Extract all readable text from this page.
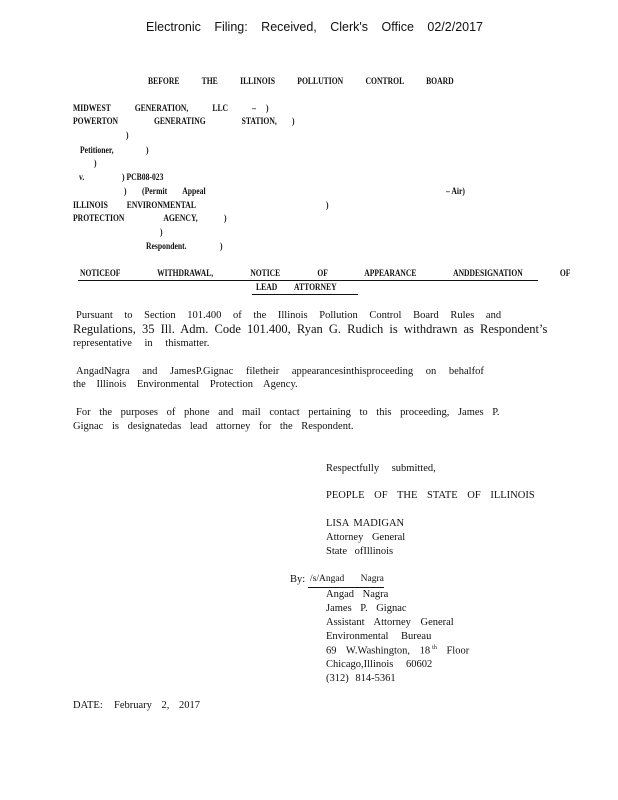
Electronic Filing: Received, Clerk's Office 02/2/2017
BEFORE THE ILLINOIS POLLUTION CONTROL BOARD
MIDWEST GENERATION, LLC – )
POWERTON GENERATING STATION, )
)
Petitioner,	)
)
v.	) PCB08-023
) (Permit Appeal	– Air)
ILLINOIS ENVIRONMENTAL	)
PROTECTION AGENCY,	)
)
Respondent.	)
NOTICEOF WITHDRAWAL, NOTICE OF APPEARANCE ANDDESIGNATION OF
LEAD ATTORNEY
Pursuant to Section 101.400 of the Illinois Pollution Control Board Rules and
Regulations, 35 Ill. Adm. Code 101.400, Ryan G. Rudich is withdrawn as Respondent’s
representative in thismatter.
AngadNagra and JamesP.Gignac filetheir appearancesinthisproceeding on behalfof
the Illinois Environmental Protection Agency.
For the purposes of phone and mail contact pertaining to this proceeding, James P.
Gignac is designatedas lead attorney for the Respondent.
Respectfully submitted,
PEOPLE OF THE STATE OF ILLINOIS
LISA MADIGAN
Attorney General
State ofIllinois
By: /s/Angad Nagra
Angad Nagra
James P. Gignac
Assistant Attorney General
Environmental Bureau
69 W.Washington, 18 $^{th}$ Floor
Chicago,Illinois 60602
(312) 814-5361
DATE: February 2, 2017
